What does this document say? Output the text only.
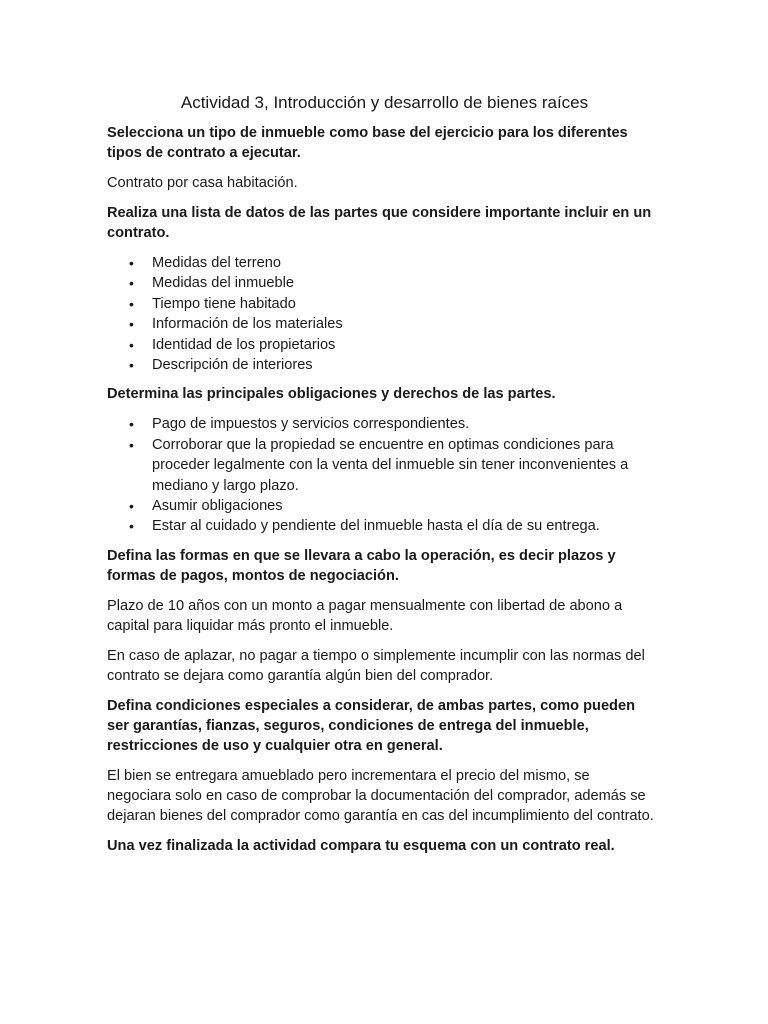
Actividad 3, Introducción y desarrollo de bienes raíces

Selecciona un tipo de inmueble como base del ejercicio para los diferentes tipos de contrato a ejecutar.

Contrato por casa habitación.

Realiza una lista de datos de las partes que considere importante incluir en un contrato.

• Medidas del terreno
• Medidas del inmueble
• Tiempo tiene habitado
• Información de los materiales
• Identidad de los propietarios
• Descripción de interiores

Determina las principales obligaciones y derechos de las partes.

• Pago de impuestos y servicios correspondientes.
• Corroborar que la propiedad se encuentre en optimas condiciones para proceder legalmente con la venta del inmueble sin tener inconvenientes a mediano y largo plazo.
• Asumir obligaciones
• Estar al cuidado y pendiente del inmueble hasta el día de su entrega.

Defina las formas en que se llevara a cabo la operación, es decir plazos y formas de pagos, montos de negociación.

Plazo de 10 años con un monto a pagar mensualmente con libertad de abono a capital para liquidar más pronto el inmueble.

En caso de aplazar, no pagar a tiempo o simplemente incumplir con las normas del contrato se dejara como garantía algún bien del comprador.

Defina condiciones especiales a considerar, de ambas partes, como pueden ser garantías, fianzas, seguros, condiciones de entrega del inmueble, restricciones de uso y cualquier otra en general.

El bien se entregara amueblado pero incrementara el precio del mismo, se negociara solo en caso de comprobar la documentación del comprador, además se dejaran bienes del comprador como garantía en cas del incumplimiento del contrato.

Una vez finalizada la actividad compara tu esquema con un contrato real.
